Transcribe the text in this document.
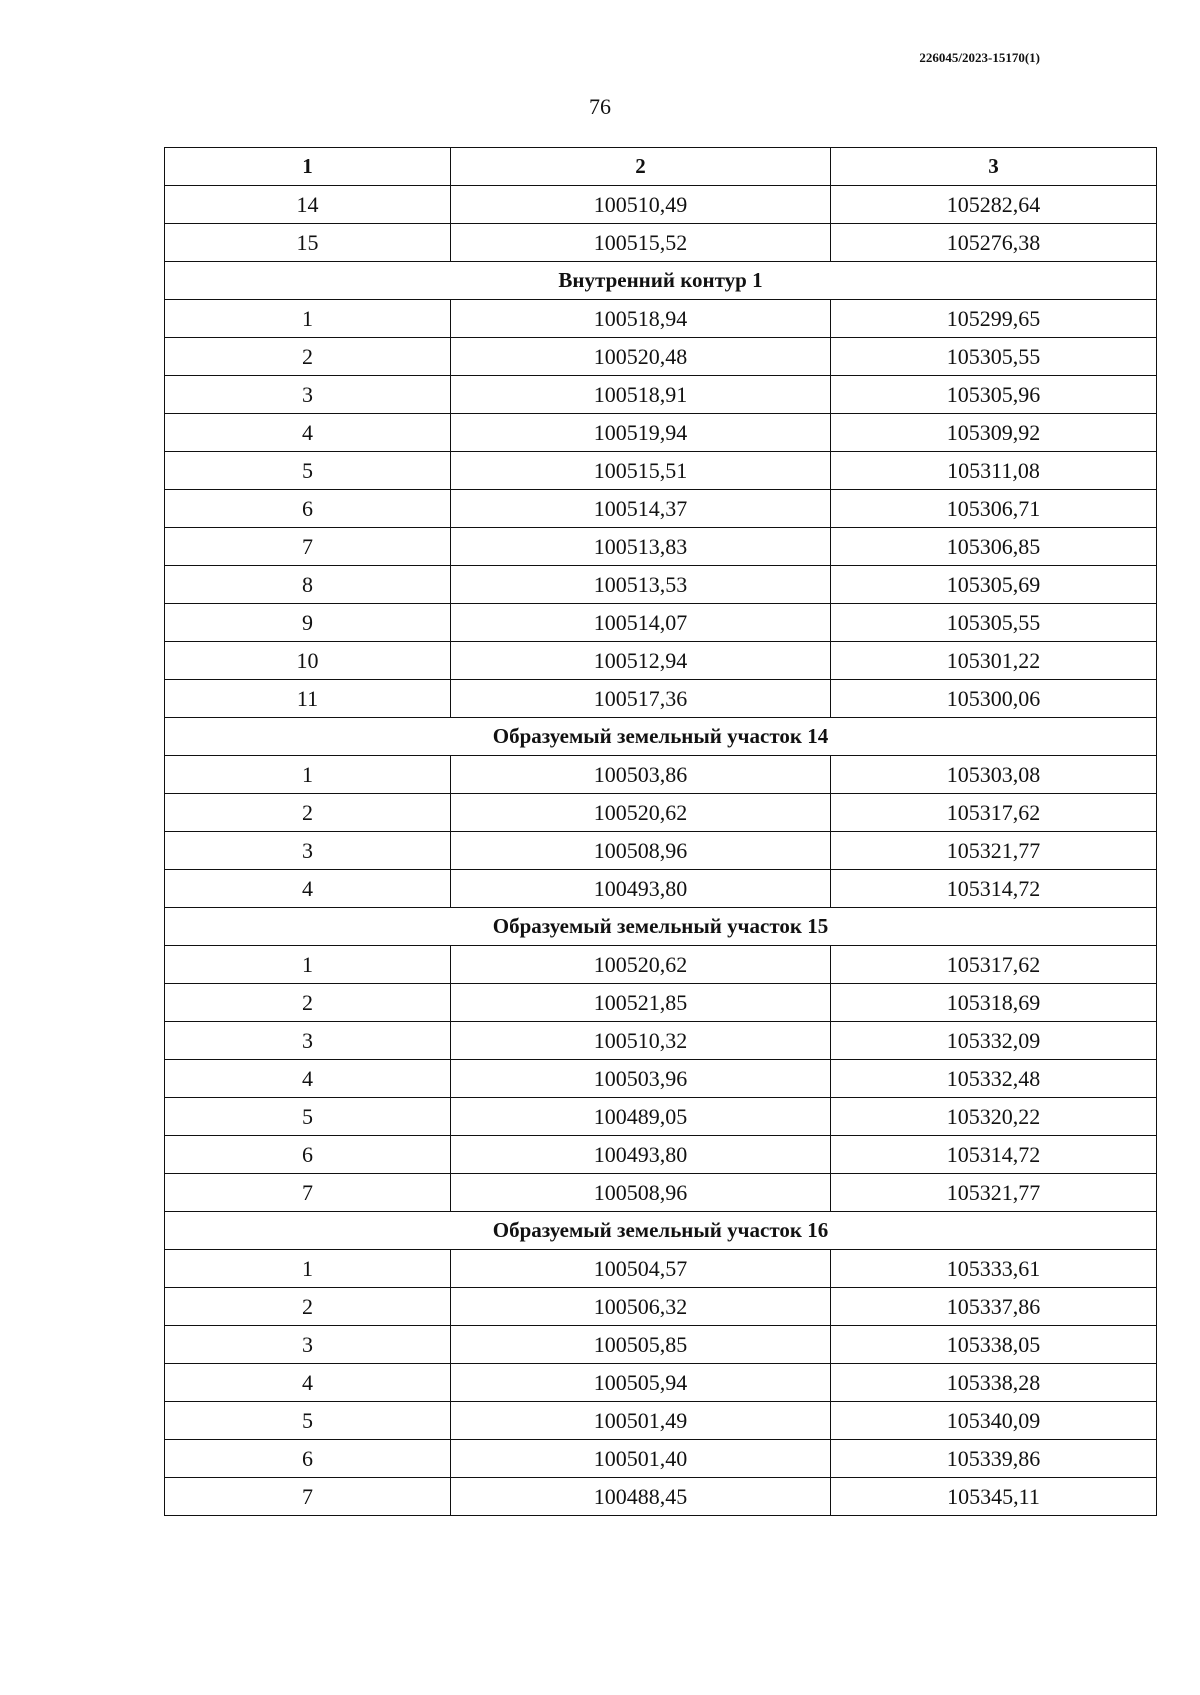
226045/2023-15170(1)
76
1	2	3
14	100510,49	105282,64
15	100515,52	105276,38
Внутренний контур 1		
1	100518,94	105299,65
2	100520,48	105305,55
3	100518,91	105305,96
4	100519,94	105309,92
5	100515,51	105311,08
6	100514,37	105306,71
7	100513,83	105306,85
8	100513,53	105305,69
9	100514,07	105305,55
10	100512,94	105301,22
11	100517,36	105300,06
Образуемый земельный участок 14		
1	100503,86	105303,08
2	100520,62	105317,62
3	100508,96	105321,77
4	100493,80	105314,72
Образуемый земельный участок 15		
1	100520,62	105317,62
2	100521,85	105318,69
3	100510,32	105332,09
4	100503,96	105332,48
5	100489,05	105320,22
6	100493,80	105314,72
7	100508,96	105321,77
Образуемый земельный участок 16		
1	100504,57	105333,61
2	100506,32	105337,86
3	100505,85	105338,05
4	100505,94	105338,28
5	100501,49	105340,09
6	100501,40	105339,86
7	100488,45	105345,11
